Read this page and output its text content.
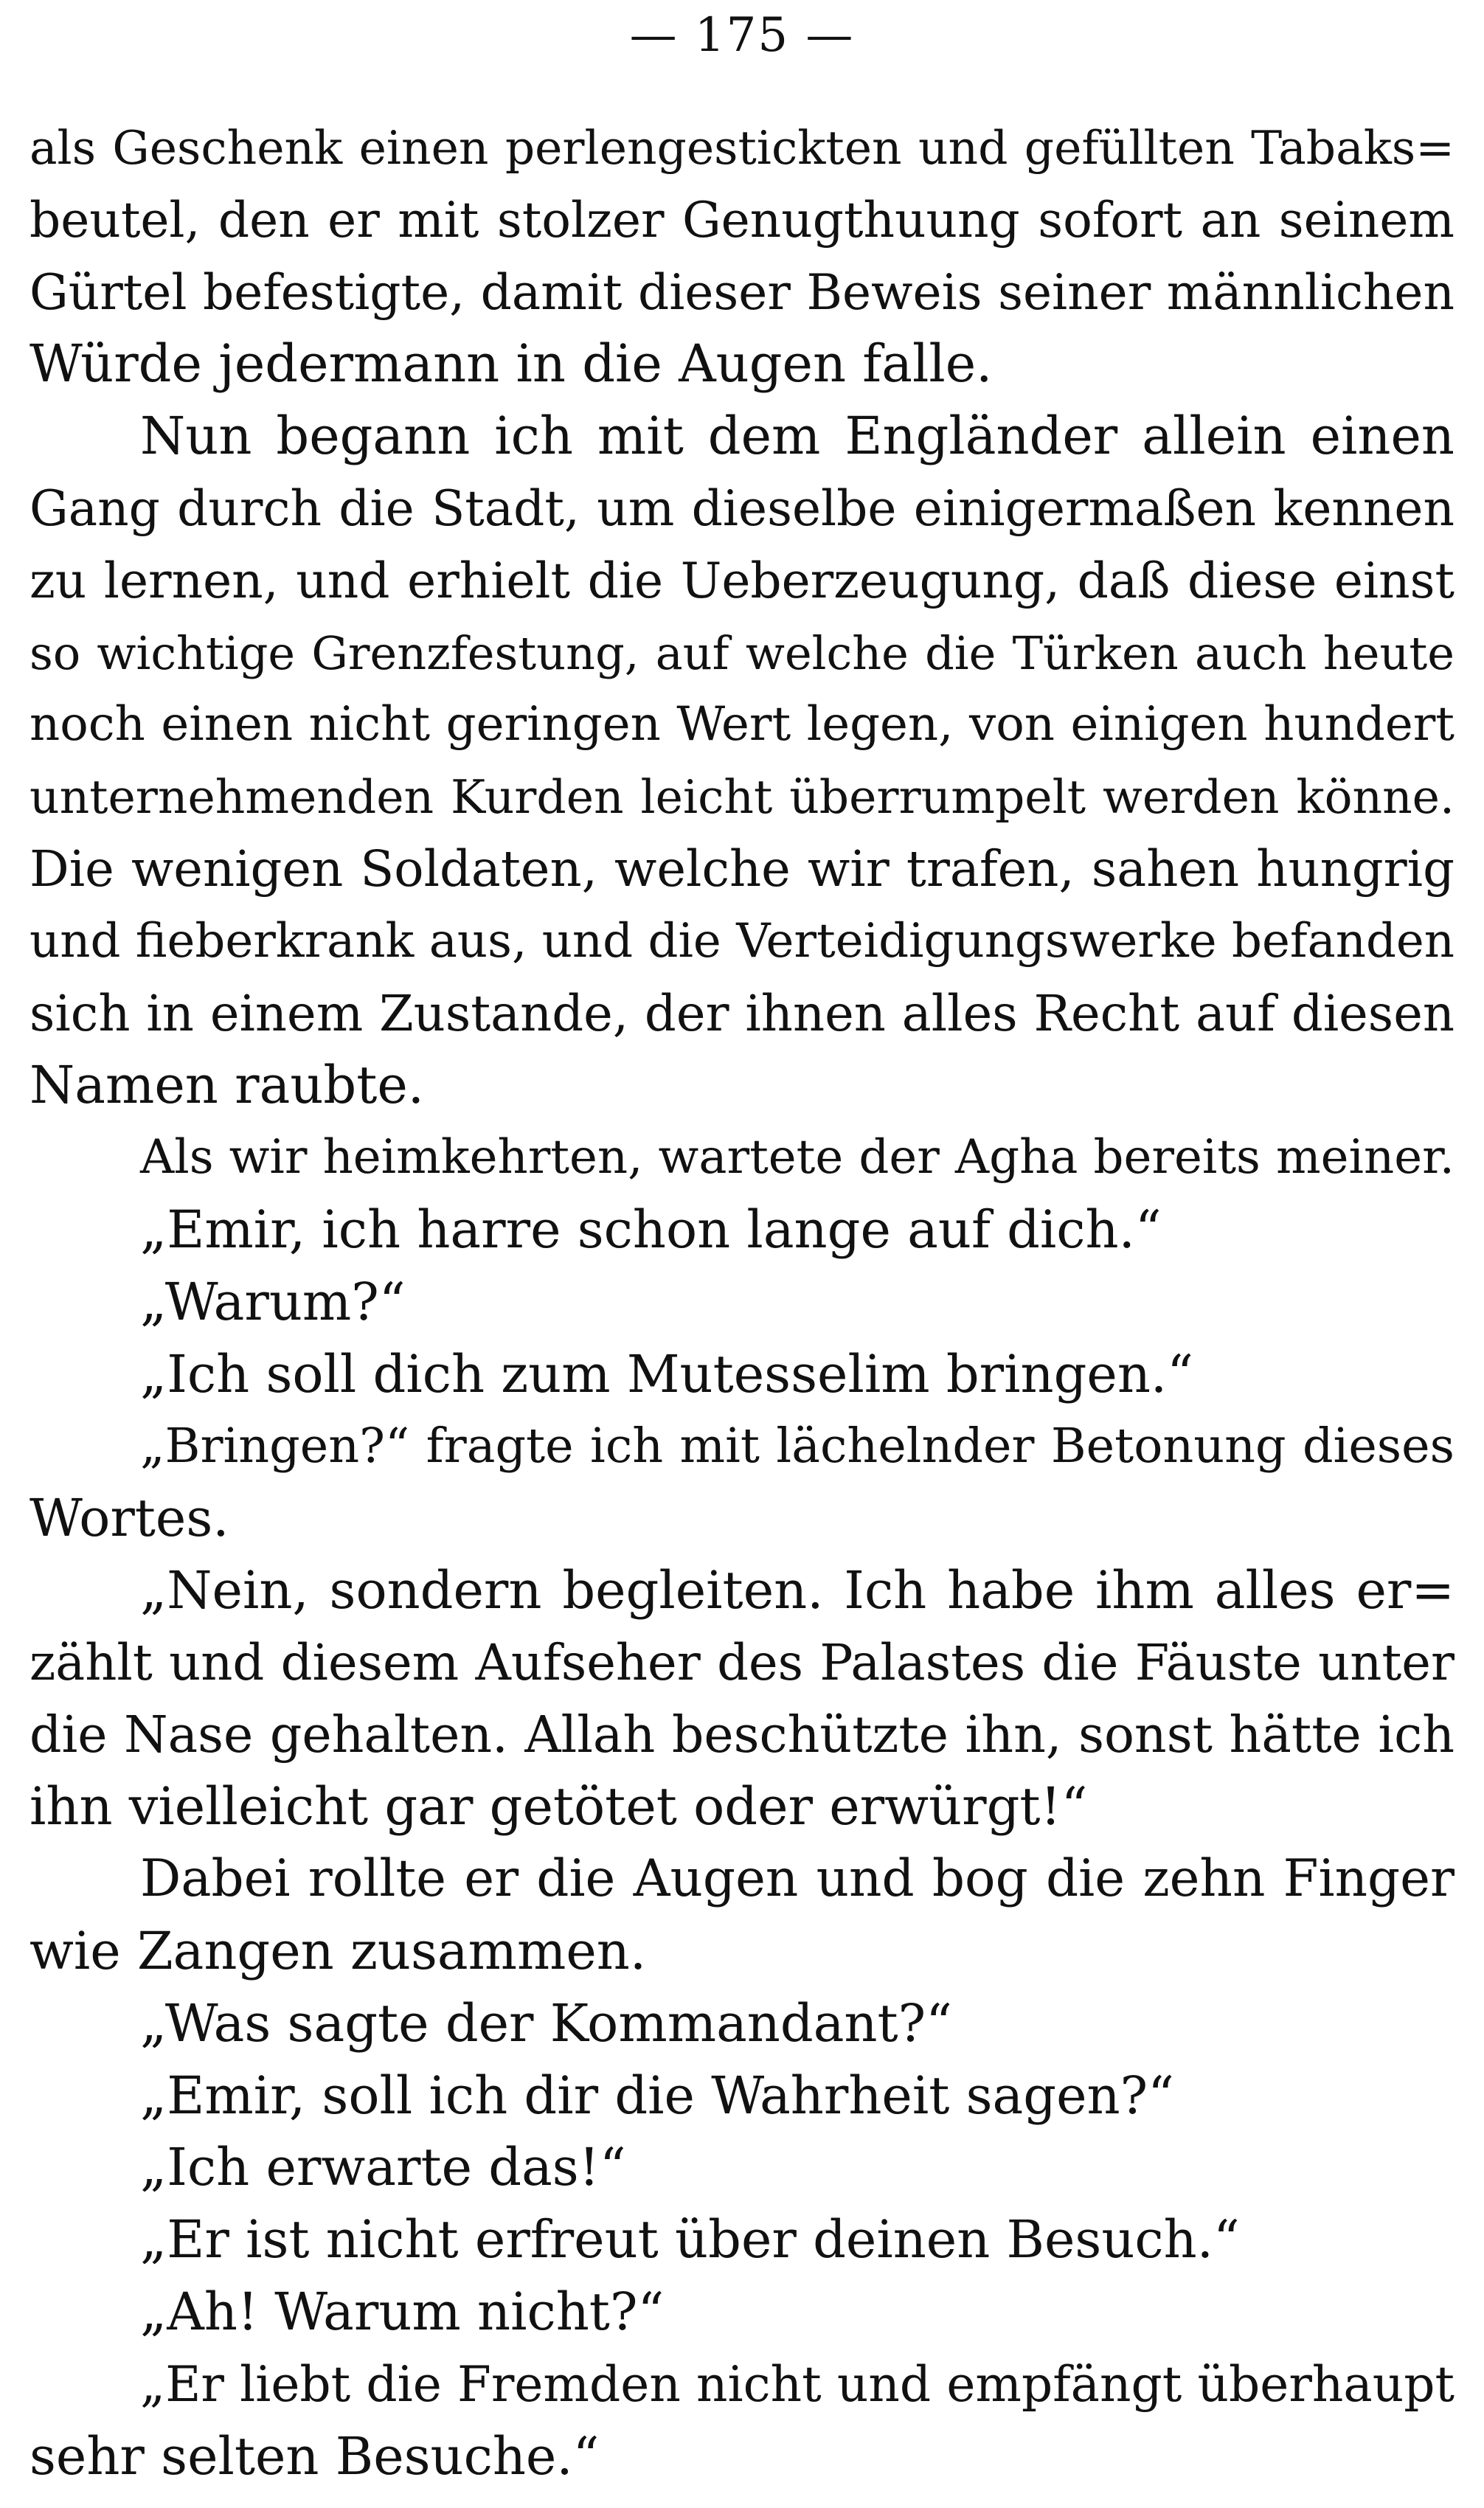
— 175 —
als Geschenk einen perlengestickten und gefüllten Tabaks=
beutel, den er mit stolzer Genugthuung sofort an seinem
Gürtel befestigte, damit dieser Beweis seiner männlichen
Würde jedermann in die Augen falle.
Nun begann ich mit dem Engländer allein einen
Gang durch die Stadt, um dieselbe einigermaßen kennen
zu lernen, und erhielt die Ueberzeugung, daß diese einst
so wichtige Grenzfestung, auf welche die Türken auch heute
noch einen nicht geringen Wert legen, von einigen hundert
unternehmenden Kurden leicht überrumpelt werden könne.
Die wenigen Soldaten, welche wir trafen, sahen hungrig
und fieberkrank aus, und die Verteidigungswerke befanden
sich in einem Zustande, der ihnen alles Recht auf diesen
Namen raubte.
Als wir heimkehrten, wartete der Agha bereits meiner.
„Emir, ich harre schon lange auf dich.“
„Warum?“
„Ich soll dich zum Mutesselim bringen.“
„Bringen?“ fragte ich mit lächelnder Betonung dieses
Wortes.
„Nein, sondern begleiten. Ich habe ihm alles er=
zählt und diesem Aufseher des Palastes die Fäuste unter
die Nase gehalten. Allah beschützte ihn, sonst hätte ich
ihn vielleicht gar getötet oder erwürgt!“
Dabei rollte er die Augen und bog die zehn Finger
wie Zangen zusammen.
„Was sagte der Kommandant?“
„Emir, soll ich dir die Wahrheit sagen?“
„Ich erwarte das!“
„Er ist nicht erfreut über deinen Besuch.“
„Ah! Warum nicht?“
„Er liebt die Fremden nicht und empfängt überhaupt
sehr selten Besuche.“
